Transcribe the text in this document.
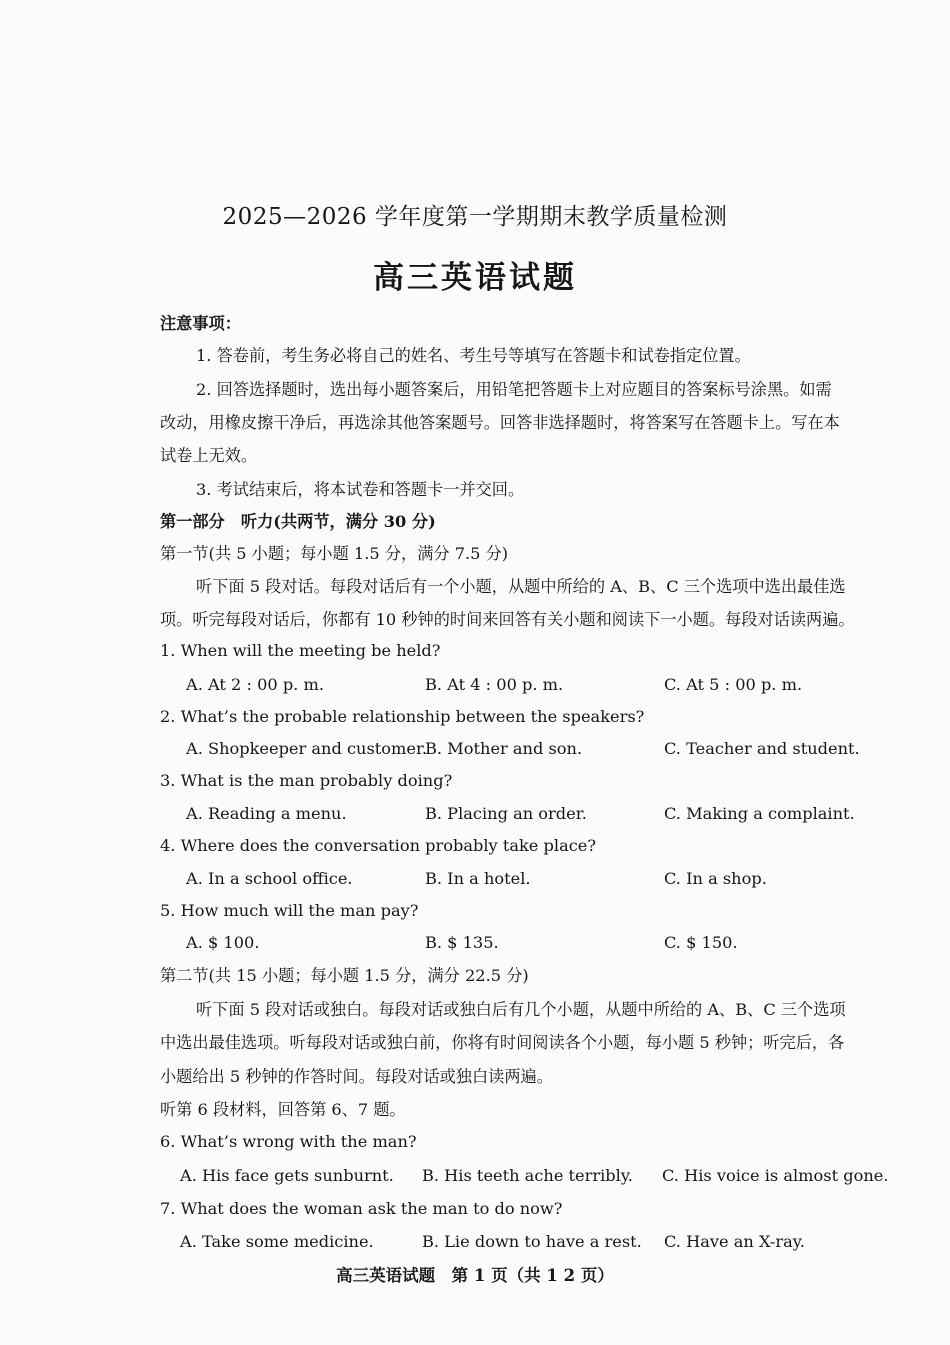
2025—2026 学年度第一学期期末教学质量检测
高三英语试题
注意事项：
1. 答卷前，考生务必将自己的姓名、考生号等填写在答题卡和试卷指定位置。
2. 回答选择题时，选出每小题答案后，用铅笔把答题卡上对应题目的答案标号涂黑。如需
改动，用橡皮擦干净后，再选涂其他答案题号。回答非选择题时，将答案写在答题卡上。写在本
试卷上无效。
3. 考试结束后，将本试卷和答题卡一并交回。
第一部分　听力(共两节，满分 30 分)
第一节(共 5 小题；每小题 1.5 分，满分 7.5 分)
听下面 5 段对话。每段对话后有一个小题，从题中所给的 A、B、C 三个选项中选出最佳选
项。听完每段对话后，你都有 10 秒钟的时间来回答有关小题和阅读下一小题。每段对话读两遍。
1. When will the meeting be held?
A. At 2 : 00 p. m.	B. At 4 : 00 p. m.	C. At 5 : 00 p. m.
2. What’s the probable relationship between the speakers?
A. Shopkeeper and customer.
B. Mother and son.	C. Teacher and student.
3. What is the man probably doing?
A. Reading a menu.	B. Placing an order.	C. Making a complaint.
4. Where does the conversation probably take place?
A. In a school office.	B. In a hotel.	C. In a shop.
5. How much will the man pay?
A. $ 100.	B. $ 135.	C. $ 150.
第二节(共 15 小题；每小题 1.5 分，满分 22.5 分)
听下面 5 段对话或独白。每段对话或独白后有几个小题，从题中所给的 A、B、C 三个选项
中选出最佳选项。听每段对话或独白前，你将有时间阅读各个小题，每小题 5 秒钟；听完后，各
小题给出 5 秒钟的作答时间。每段对话或独白读两遍。
听第 6 段材料，回答第 6、7 题。
6. What’s wrong with the man?
A. His face gets sunburnt. B. His teeth ache terribly. C. His voice is almost gone.
7. What does the woman ask the man to do now?
A. Take some medicine.	B. Lie down to have a rest. C. Have an X-ray.
高三英语试题　第 1 页（共 1 2 页）
